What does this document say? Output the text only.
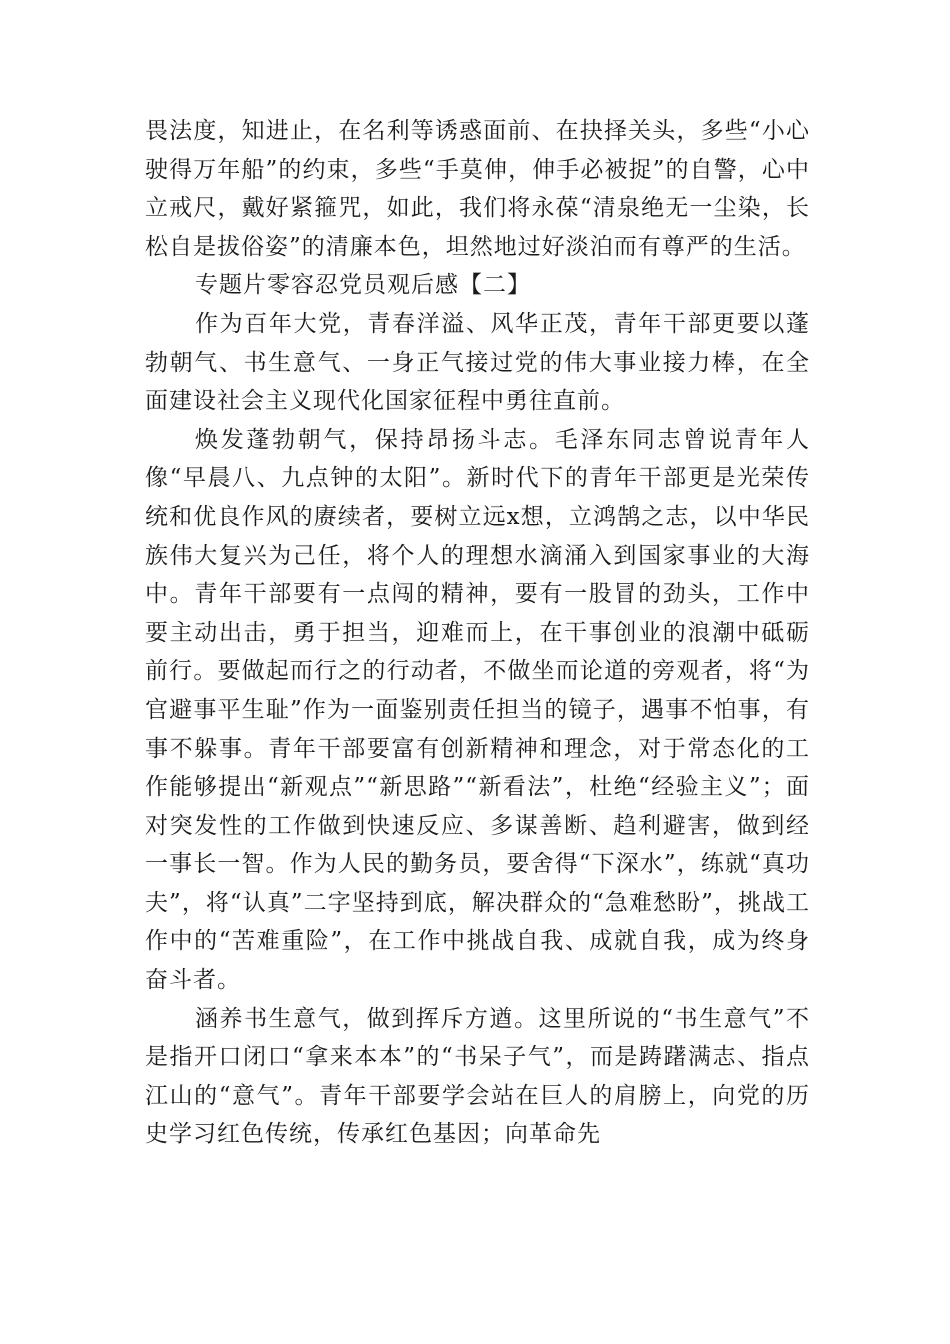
畏法度，知进止，在名利等诱惑面前、在抉择关头，多些“小心驶得万年船”的约束，多些“手莫伸，伸手必被捉”的自警，心中立戒尺，戴好紧箍咒，如此，我们将永葆“清泉绝无一尘染，长松自是拔俗姿”的清廉本色，坦然地过好淡泊而有尊严的生活。

专题片零容忍党员观后感【二】

作为百年大党，青春洋溢、风华正茂，青年干部更要以蓬勃朝气、书生意气、一身正气接过党的伟大事业接力棒，在全面建设社会主义现代化国家征程中勇往直前。

焕发蓬勃朝气，保持昂扬斗志。毛泽东同志曾说青年人像“早晨八、九点钟的太阳”。新时代下的青年干部更是光荣传统和优良作风的赓续者，要树立远x想，立鸿鹄之志，以中华民族伟大复兴为己任，将个人的理想水滴涌入到国家事业的大海中。青年干部要有一点闯的精神，要有一股冒的劲头，工作中要主动出击，勇于担当，迎难而上，在干事创业的浪潮中砥砺前行。要做起而行之的行动者，不做坐而论道的旁观者，将“为官避事平生耻”作为一面鉴别责任担当的镜子，遇事不怕事，有事不躲事。青年干部要富有创新精神和理念，对于常态化的工作能够提出“新观点”“新思路”“新看法”，杜绝“经验主义”；面对突发性的工作做到快速反应、多谋善断、趋利避害，做到经一事长一智。作为人民的勤务员，要舍得“下深水”，练就“真功夫”，将“认真”二字坚持到底，解决群众的“急难愁盼”，挑战工作中的“苦难重险”，在工作中挑战自我、成就自我，成为终身奋斗者。

涵养书生意气，做到挥斥方遒。这里所说的“书生意气”不是指开口闭口“拿来本本”的“书呆子气”，而是踌躇满志、指点江山的“意气”。青年干部要学会站在巨人的肩膀上，向党的历史学习红色传统，传承红色基因；向革命先
